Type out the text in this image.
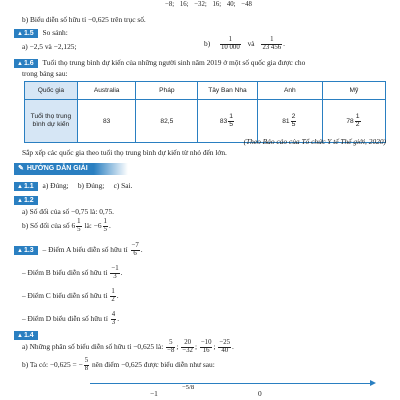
−8; 16; −32; 16; 40; −48
b) Biểu diễn số hữu tỉ −0,625 trên trục số.
▲1.5 So sánh:
a) −2,5 và −2,125;	$b) \frac{1}{10 000}$ và $\frac{1}{23 456}$ .
▲1.6 Tuổi thọ trung bình dự kiến của những người sinh năm 2019 ở một số quốc gia được cho
trong bảng sau:
Quốc gia	Australia	Pháp	Tây Ban Nha	Anh	Mỹ
Tuổi thọ trung bình dự kiến	83	82,5	$83 \frac{1}{5}$	$81 \frac{2}{5}$	$78 \frac{1}{2}$
(Theo Báo cáo của Tổ chức Y tế Thế giới, 2020)
Sắp xếp các quốc gia theo tuổi thọ trung bình dự kiến từ nhỏ đến lớn.
✎ HƯỚNG DẪN GIẢI
▲1.1 a) Đúng;     b) Đúng;     c) Sai.
▲1.2
a) Số đối của số −0,75 là: 0,75.
b) Số đối của số $6 \frac{1}{5}$ là: $-6 \frac{1}{5}$ .
▲1.3 – Điểm A biểu diễn số hữu tỉ $\frac{-7}{6}$ .
– Điểm B biểu diễn số hữu tỉ $\frac{-1}{3}$ .
– Điểm C biểu diễn số hữu tỉ $\frac{1}{2}$ .
– Điểm D biểu diễn số hữu tỉ $\frac{4}{3}$ .
▲1.4
a) Những phân số biểu diễn số hữu tỉ −0,625 là: $\frac{5}{-8}$ ; $\frac{20}{-32}$ ; $\frac{-10}{16}$ ; $\frac{-25}{40}$ .
b) Ta có: −0,625 = − $\frac{5}{8}$ nên điểm −0,625 được biểu diễn như sau:
−1
−5/8
0
